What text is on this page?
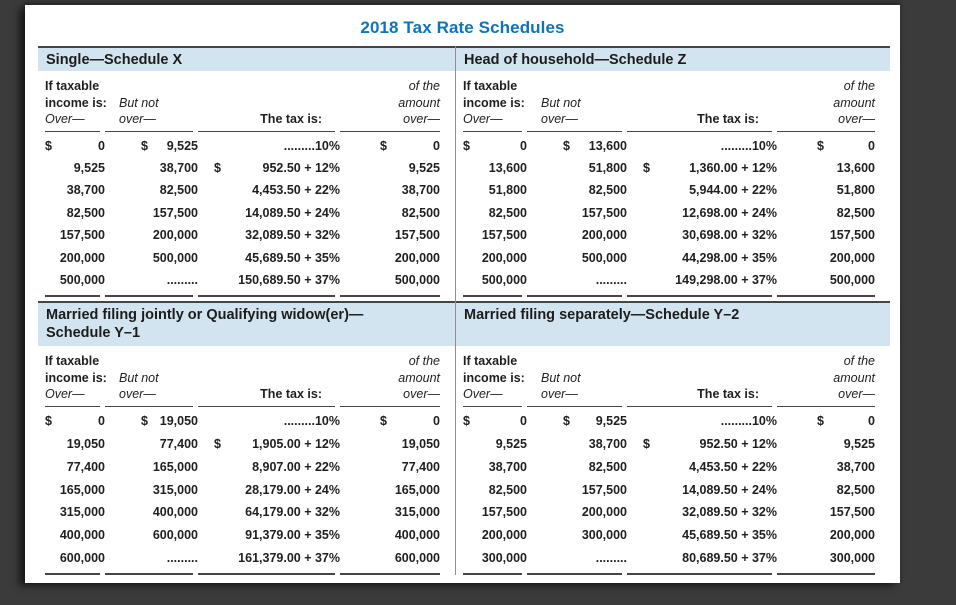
2018 Tax Rate Schedules
Single—Schedule X
If taxable
income is:
Over—
But not
over—	The tax is:
of the
amount
over—
$	0	$ 9,525	.........10%	$	0
9,525	38,700 $	952.50 + 12%	9,525
38,700	82,500	4,453.50 + 22%	38,700
82,500	157,500	14,089.50 + 24%	82,500
157,500	200,000	32,089.50 + 32%	157,500
200,000	500,000	45,689.50 + 35%	200,000
500,000	.........	150,689.50 + 37%	500,000
Head of household—Schedule Z
If taxable
income is:
Over—
But not
over—	The tax is:
of the
amount
over—
$	0	$ 13,600	.........10%	$	0
13,600	51,800 $	1,360.00 + 12%	13,600
51,800	82,500	5,944.00 + 22%	51,800
82,500	157,500	12,698.00 + 24%	82,500
157,500	200,000	30,698.00 + 32%	157,500
200,000	500,000	44,298.00 + 35%	200,000
500,000	.........	149,298.00 + 37%	500,000
Married filing jointly or Qualifying widow(er)—
Schedule Y–1
If taxable
income is:
Over—
But not
over—	The tax is:
of the
amount
over—
$	0	$ 19,050	.........10%	$	0
19,050	77,400 $ 1,905.00 + 12%	19,050
77,400	165,000	8,907.00 + 22%	77,400
165,000	315,000	28,179.00 + 24%	165,000
315,000	400,000	64,179.00 + 32%	315,000
400,000	600,000	91,379.00 + 35%	400,000
600,000	.........	161,379.00 + 37%	600,000
Married filing separately—Schedule Y–2
If taxable
income is:
Over—
But not
over—	The tax is:
of the
amount
over—
$	0	$ 9,525	.........10%	$	0
9,525	38,700 $	952.50 + 12%	9,525
38,700	82,500	4,453.50 + 22%	38,700
82,500	157,500	14,089.50 + 24%	82,500
157,500	200,000	32,089.50 + 32%	157,500
200,000	300,000	45,689.50 + 35%	200,000
300,000	.........	80,689.50 + 37%	300,000
